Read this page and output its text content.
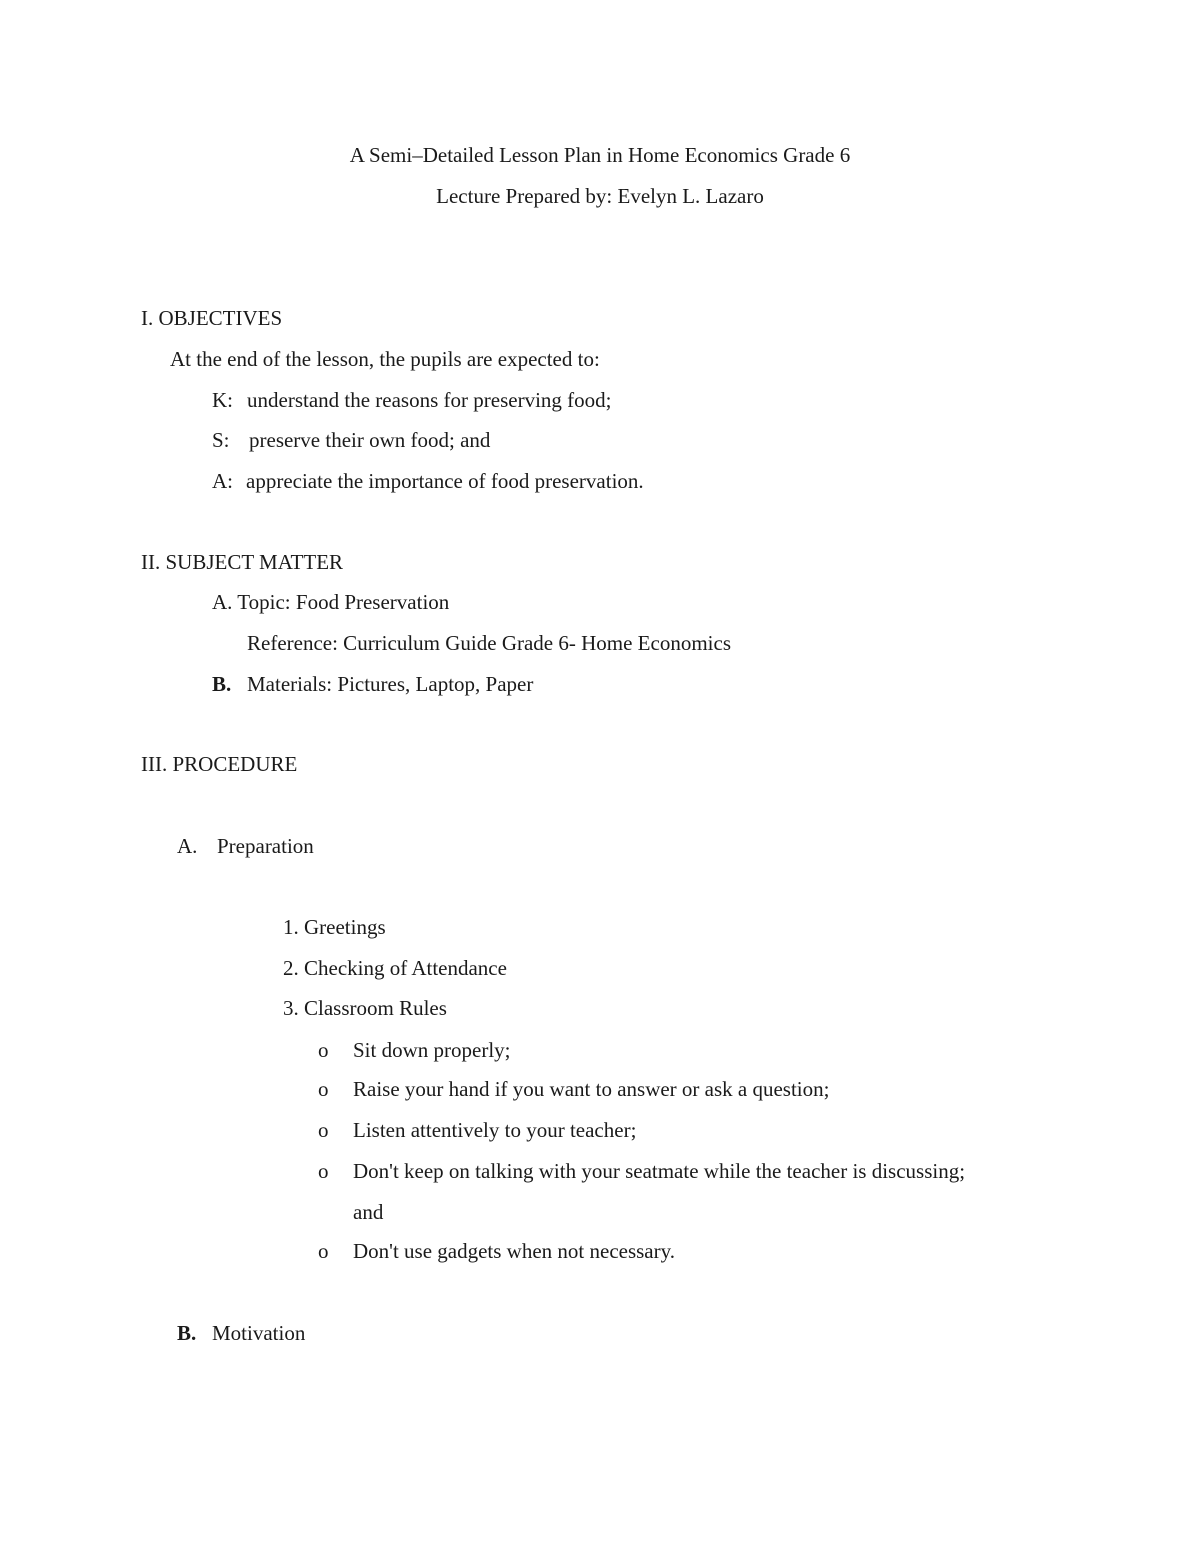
A Semi–Detailed Lesson Plan in Home Economics Grade 6
Lecture Prepared by: Evelyn L. Lazaro
I. OBJECTIVES
At the end of the lesson, the pupils are expected to:
K: understand the reasons for preserving food;
S: preserve their own food; and
A: appreciate the importance of food preservation.
II. SUBJECT MATTER
A. Topic: Food Preservation
Reference: Curriculum Guide Grade 6- Home Economics
B. Materials: Pictures, Laptop, Paper
III. PROCEDURE
A. Preparation
1. Greetings
2. Checking of Attendance
3. Classroom Rules
o Sit down properly;
o Raise your hand if you want to answer or ask a question;
o Listen attentively to your teacher;
o Don't keep on talking with your seatmate while the teacher is discussing;
and
o Don't use gadgets when not necessary.
B. Motivation
